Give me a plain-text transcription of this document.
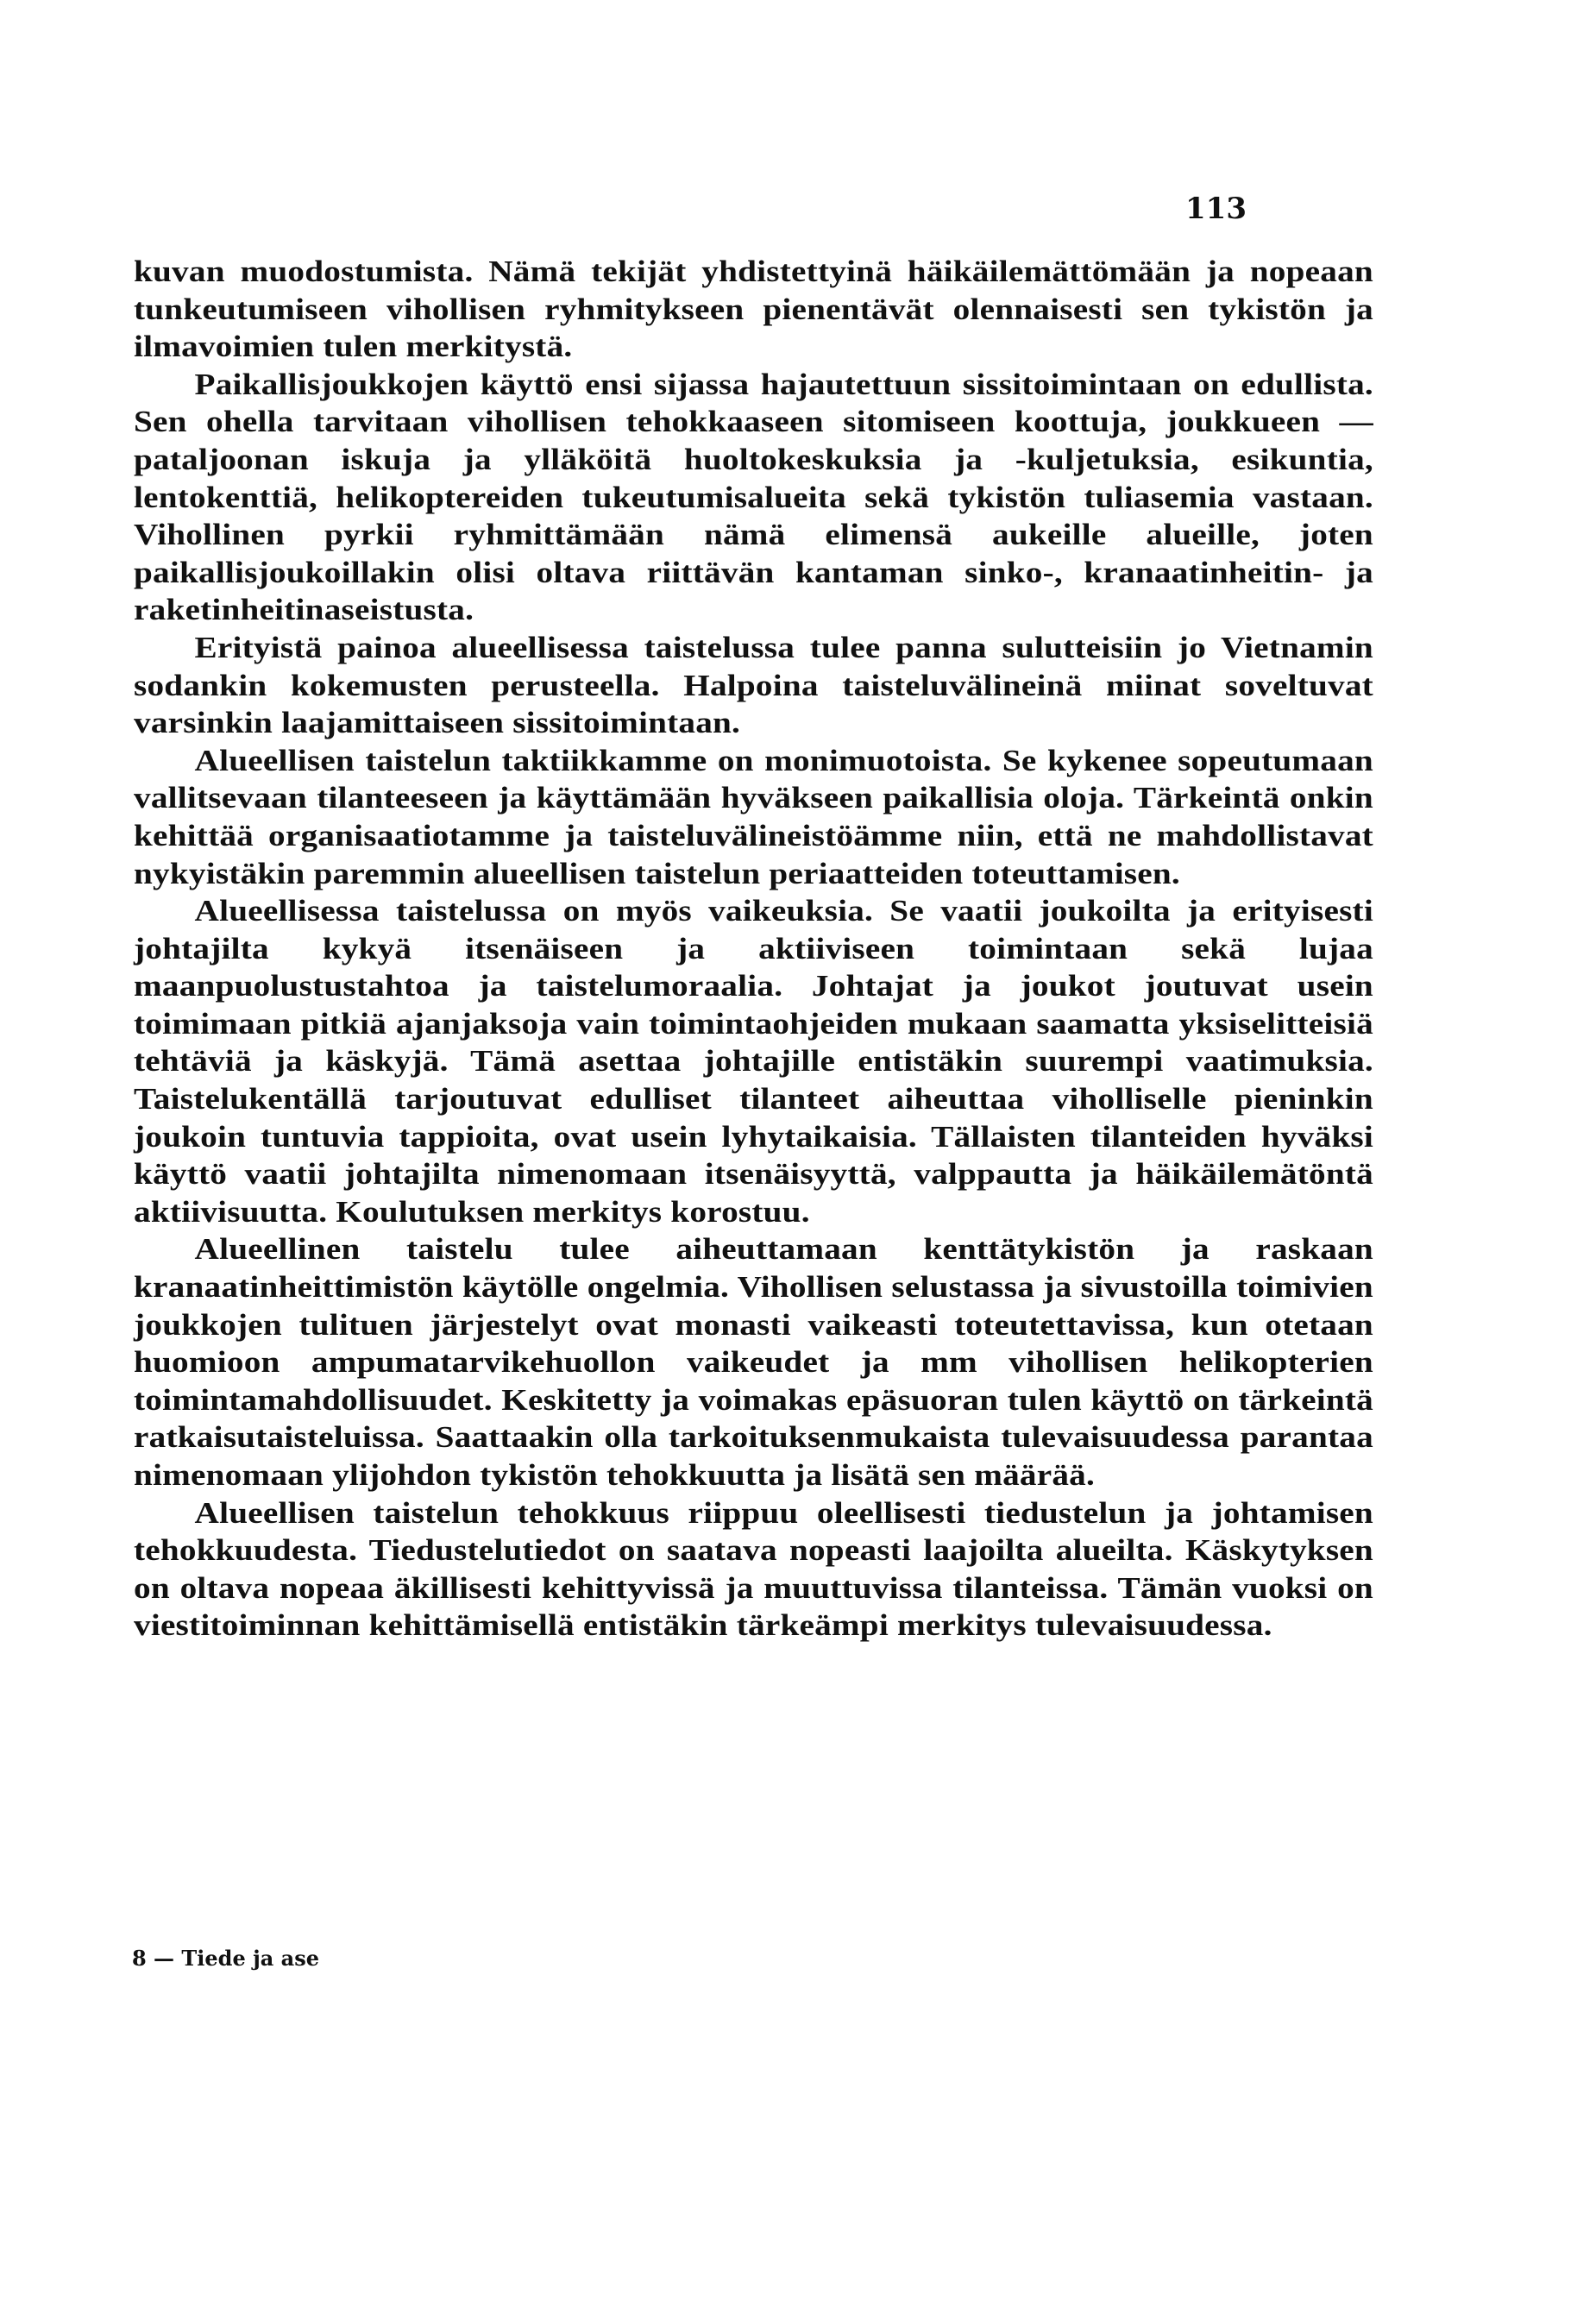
113

kuvan muodostumista. Nämä tekijät yhdistettyinä häikäilemättömään ja nopeaan tunkeutumiseen vihollisen ryhmitykseen pienentävät olennaisesti sen tykistön ja ilmavoimien tulen merkitystä.

Paikallisjoukkojen käyttö ensi sijassa hajautettuun sissitoimintaan on edullista. Sen ohella tarvitaan vihollisen tehokkaaseen sitomiseen koottuja, joukkueen — pataljoonan iskuja ja ylläköitä huoltokeskuksia ja -kuljetuksia, esikuntia, lentokenttiä, helikoptereiden tukeutumisalueita sekä tykistön tuliasemia vastaan. Vihollinen pyrkii ryhmittämään nämä elimensä aukeille alueille, joten paikallisjoukoillakin olisi oltava riittävän kantaman sinko-, kranaatinheitin- ja raketinheitinaseistusta.

Erityistä painoa alueellisessa taistelussa tulee panna sulutteisiin jo Vietnamin sodankin kokemusten perusteella. Halpoina taisteluvälineinä miinat soveltuvat varsinkin laajamittaiseen sissitoimintaan.

Alueellisen taistelun taktiikkamme on monimuotoista. Se kykenee sopeutumaan vallitsevaan tilanteeseen ja käyttämään hyväkseen paikallisia oloja. Tärkeintä onkin kehittää organisaatiotamme ja taisteluvälineistöämme niin, että ne mahdollistavat nykyistäkin paremmin alueellisen taistelun periaatteiden toteuttamisen.

Alueellisessa taistelussa on myös vaikeuksia. Se vaatii joukoilta ja erityisesti johtajilta kykyä itsenäiseen ja aktiiviseen toimintaan sekä lujaa maanpuolustustahtoa ja taistelumoraalia. Johtajat ja joukot joutuvat usein toimimaan pitkiä ajanjaksoja vain toimintaohjeiden mukaan saamatta yksiselitteisiä tehtäviä ja käskyjä. Tämä asettaa johtajille entistäkin suurempi vaatimuksia. Taistelukentällä tarjoutuvat edulliset tilanteet aiheuttaa vihollisellе pieninkin joukoin tuntuvia tappioita, ovat usein lyhytaikaisia. Tällaisten tilanteiden hyväksi käyttö vaatii johtajilta nimenomaan itsenäisyyttä, valppautta ja häikäilemätöntä aktiivisuutta. Koulutuksen merkitys korostuu.

Alueellinen taistelu tulee aiheuttamaan kenttätykistön ja raskaan kranaatinheittimistön käytölle ongelmia. Vihollisen selustassa ja sivustoilla toimivien joukkojen tulituen järjestelyt ovat monasti vaikeasti toteutettavissa, kun otetaan huomioon ampumatarvikehuollon vaikeudet ja mm vihollisen helikopterien toimintamahdollisuudet. Keskitetty ja voimakas epäsuoran tulen käyttö on tärkeintä ratkaisutaisteluissa. Saattaakin olla tarkoituksenmukaista tulevaisuudessa parantaa nimenomaan ylijohdon tykistön tehokkuutta ja lisätä sen määrää.

Alueellisen taistelun tehokkuus riippuu oleellisesti tiedustelun ja johtamisen tehokkuudesta. Tiedustelutiedot on saatava nopeasti laajoilta alueilta. Käskytyksen on oltava nopeaa äkillisesti kehittyvissä ja muuttuvissa tilanteissa. Tämän vuoksi on viestitoiminnan kehittämisellä entistäkin tärkeämpi merkitys tulevaisuudessa.

8 — Tiede ja ase
